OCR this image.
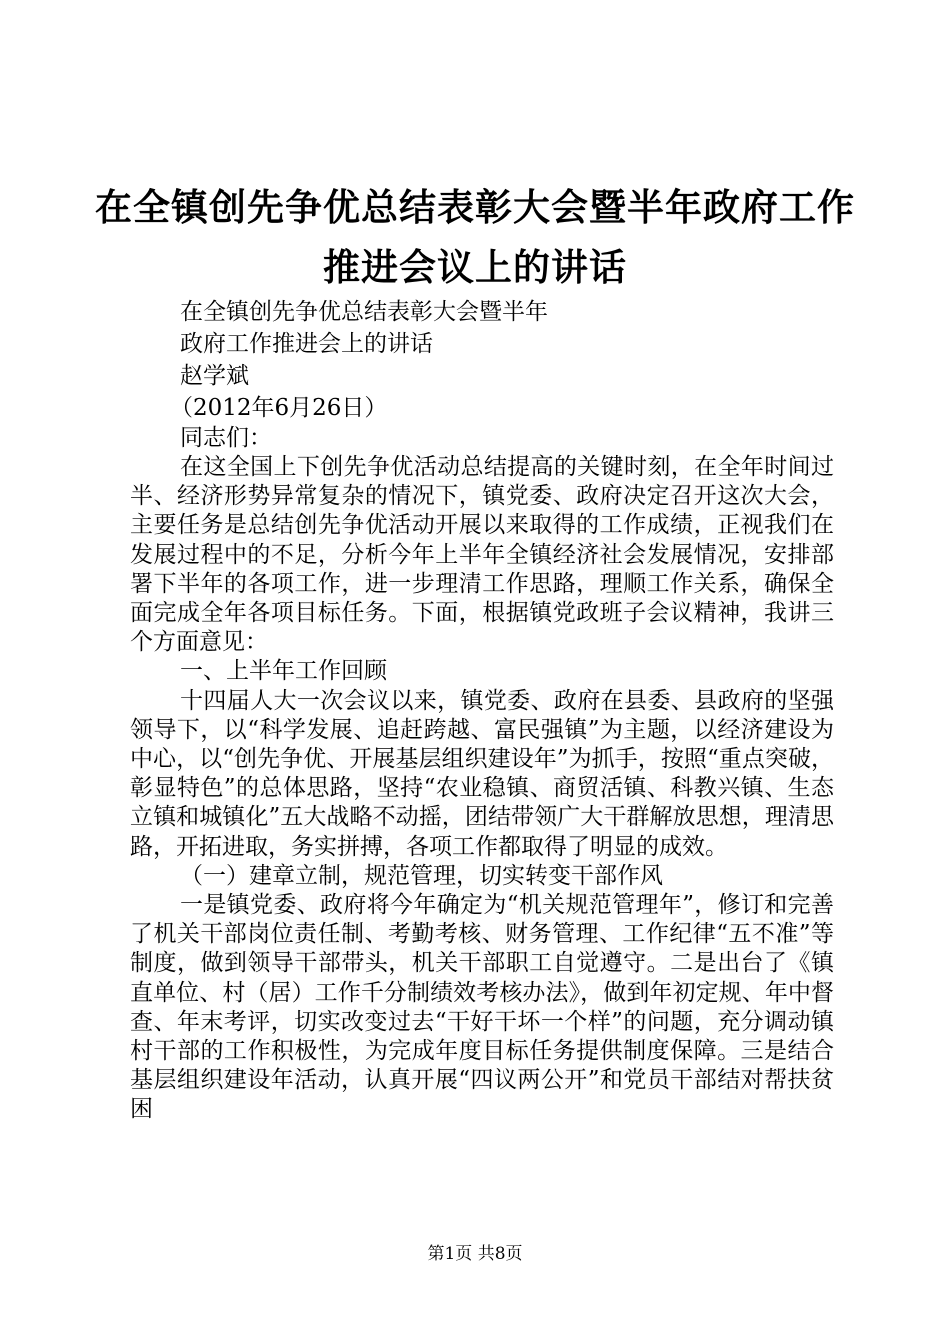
在全镇创先争优总结表彰大会暨半年政府工作
推进会议上的讲话
在全镇创先争优总结表彰大会暨半年
政府工作推进会上的讲话
赵学斌
（2012年6月26日）
同志们：

在这全国上下创先争优活动总结提高的关键时刻，在全年时间过半、经济形势异常复杂的情况下，镇党委、政府决定召开这次大会，主要任务是总结创先争优活动开展以来取得的工作成绩，正视我们在发展过程中的不足，分析今年上半年全镇经济社会发展情况，安排部署下半年的各项工作，进一步理清工作思路，理顺工作关系，确保全面完成全年各项目标任务。下面，根据镇党政班子会议精神，我讲三个方面意见：

一、上半年工作回顾

十四届人大一次会议以来，镇党委、政府在县委、县政府的坚强领导下，以“科学发展、追赶跨越、富民强镇”为主题，以经济建设为中心，以“创先争优、开展基层组织建设年”为抓手，按照“重点突破，彰显特色”的总体思路，坚持“农业稳镇、商贸活镇、科教兴镇、生态立镇和城镇化”五大战略不动摇，团结带领广大干群解放思想，理清思路，开拓进取，务实拼搏，各项工作都取得了明显的成效。

（一）建章立制，规范管理，切实转变干部作风

一是镇党委、政府将今年确定为“机关规范管理年”，修订和完善了机关干部岗位责任制、考勤考核、财务管理、工作纪律“五不准”等制度，做到领导干部带头，机关干部职工自觉遵守。二是出台了《镇直单位、村（居）工作千分制绩效考核办法》，做到年初定规、年中督查、年末考评，切实改变过去“干好干坏一个样”的问题，充分调动镇村干部的工作积极性，为完成年度目标任务提供制度保障。三是结合基层组织建设年活动，认真开展“四议两公开”和党员干部结对帮扶贫困

第1页 共8页
